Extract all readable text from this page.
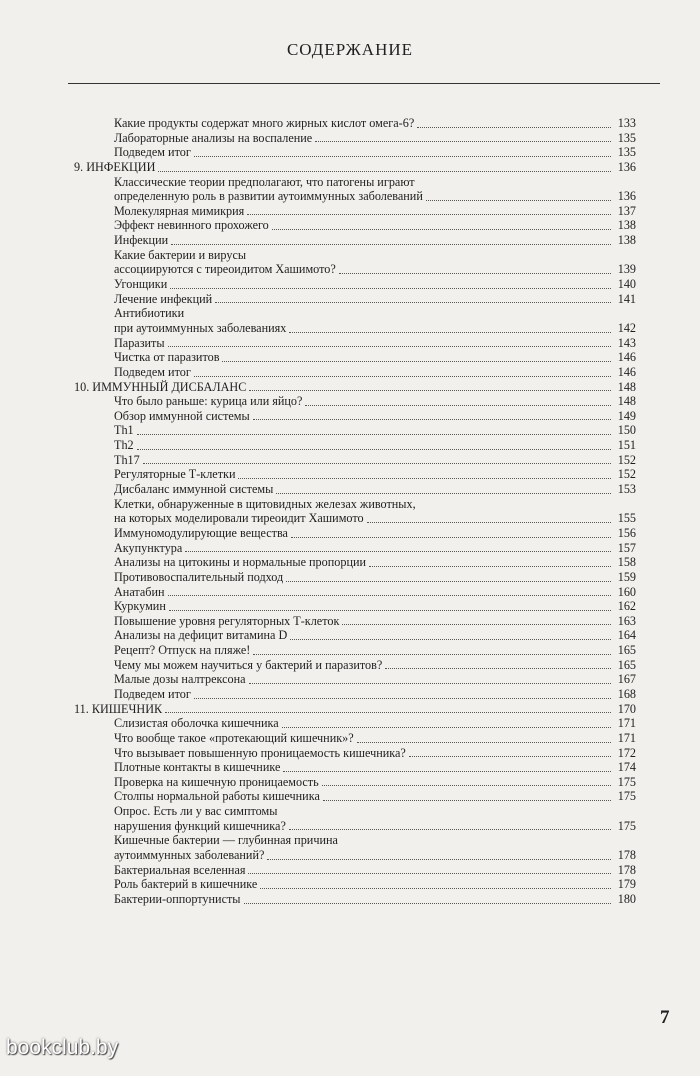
СОДЕРЖАНИЕ
Какие продукты содержат много жирных кислот омега-6?	133
Лабораторные анализы на воспаление	135
Подведем итог	135
9. ИНФЕКЦИИ	136
Классические теории предполагают, что патогены играют
определенную роль в развитии аутоиммунных заболеваний	136
Молекулярная мимикрия	137
Эффект невинного прохожего	138
Инфекции	138
Какие бактерии и вирусы
ассоциируются с тиреоидитом Хашимото?	139
Угонщики	140
Лечение инфекций	141
Антибиотики
при аутоиммунных заболеваниях	142
Паразиты	143
Чистка от паразитов	146
Подведем итог	146
10. ИММУННЫЙ ДИСБАЛАНС	148
Что было раньше: курица или яйцо?	148
Обзор иммунной системы	149
Th1	150
Th2	151
Th17	152
Регуляторные Т-клетки	152
Дисбаланс иммунной системы	153
Клетки, обнаруженные в щитовидных железах животных,
на которых моделировали тиреоидит Хашимото	155
Иммуномодулирующие вещества	156
Акупунктура	157
Анализы на цитокины и нормальные пропорции	158
Противовоспалительный подход	159
Анатабин	160
Куркумин	162
Повышение уровня регуляторных Т-клеток	163
Анализы на дефицит витамина D	164
Рецепт? Отпуск на пляже!	165
Чему мы можем научиться у бактерий и паразитов?	165
Малые дозы налтрексона	167
Подведем итог	168
11. КИШЕЧНИК	170
Слизистая оболочка кишечника	171
Что вообще такое «протекающий кишечник»?	171
Что вызывает повышенную проницаемость кишечника?	172
Плотные контакты в кишечнике	174
Проверка на кишечную проницаемость	175
Столпы нормальной работы кишечника	175
Опрос. Есть ли у вас симптомы
нарушения функций кишечника?	175
Кишечные бактерии — глубинная причина
аутоиммунных заболеваний?	178
Бактериальная вселенная	178
Роль бактерий в кишечнике	179
Бактерии-оппортунисты	180
7
bookclub.by
